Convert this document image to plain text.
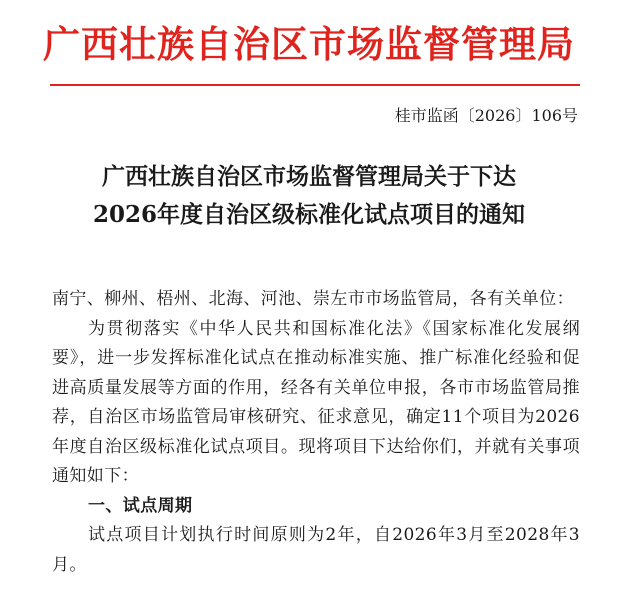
广西壮族自治区市场监督管理局
桂市监函〔2026〕106号
广西壮族自治区市场监督管理局关于下达
2026年度自治区级标准化试点项目的通知

南宁、柳州、梧州、北海、河池、崇左市市场监管局，各有关单位：

为贯彻落实《中华人民共和国标准化法》《国家标准化发展纲要》，进一步发挥标准化试点在推动标准实施、推广标准化经验和促进高质量发展等方面的作用，经各有关单位申报，各市市场监管局推荐，自治区市场监管局审核研究、征求意见，确定11个项目为2026年度自治区级标准化试点项目。现将项目下达给你们，并就有关事项通知如下：

一、试点周期

试点项目计划执行时间原则为2年，自2026年3月至2028年3月。
